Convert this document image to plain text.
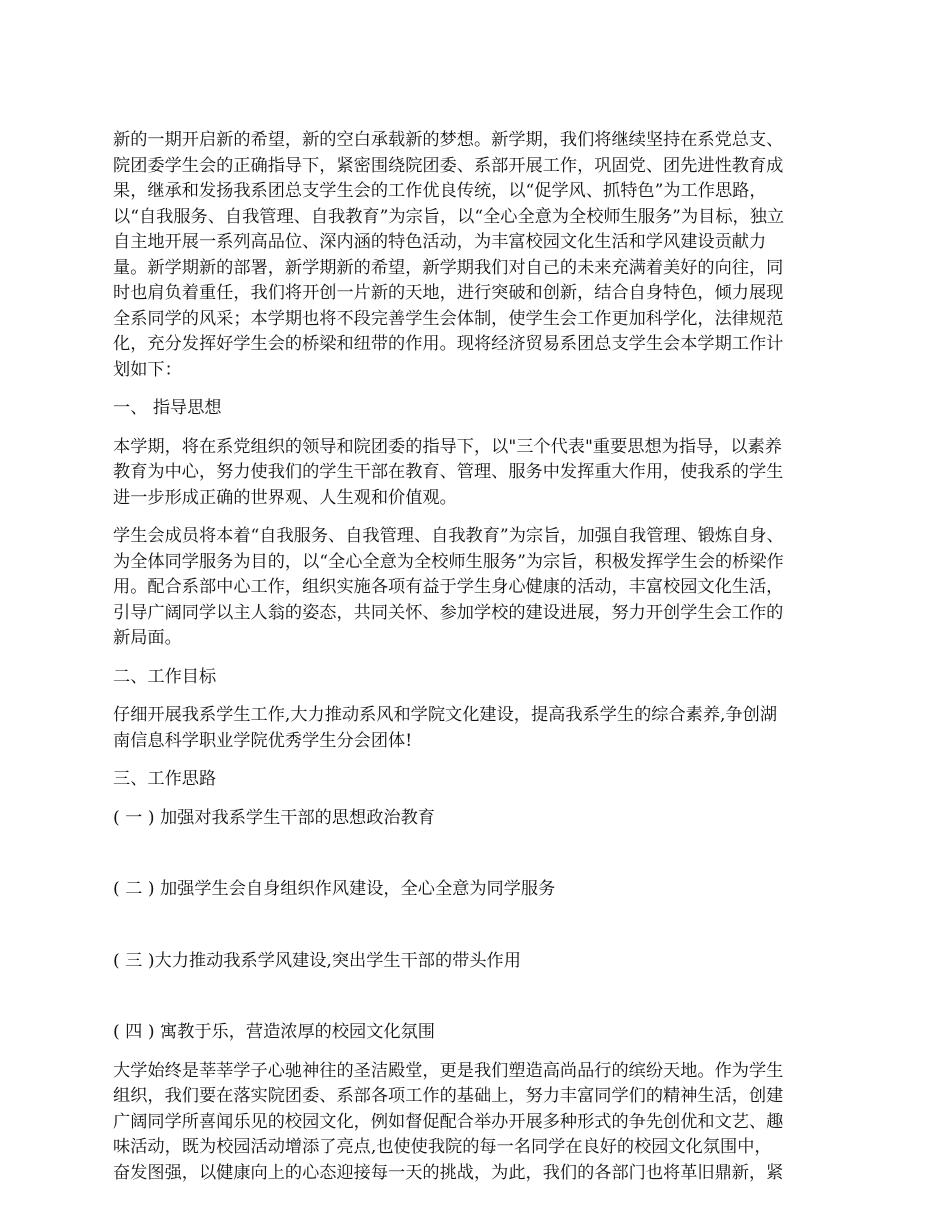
新的一期开启新的希望，新的空白承载新的梦想。新学期，我们将继续坚持在系党总支、
院团委学生会的正确指导下，紧密围绕院团委、系部开展工作，巩固党、团先进性教育成
果，继承和发扬我系团总支学生会的工作优良传统，以“促学风、抓特色”为工作思路，
以“自我服务、自我管理、自我教育”为宗旨，以“全心全意为全校师生服务”为目标，独立
自主地开展一系列高品位、深内涵的特色活动，为丰富校园文化生活和学风建设贡献力
量。新学期新的部署，新学期新的希望，新学期我们对自己的未来充满着美好的向往，同
时也肩负着重任，我们将开创一片新的天地，进行突破和创新，结合自身特色，倾力展现
全系同学的风采；本学期也将不段完善学生会体制，使学生会工作更加科学化，法律规范
化，充分发挥好学生会的桥梁和纽带的作用。现将经济贸易系团总支学生会本学期工作计
划如下：

一、 指导思想

本学期，将在系党组织的领导和院团委的指导下，以"三个代表"重要思想为指导，以素养
教育为中心，努力使我们的学生干部在教育、管理、服务中发挥重大作用，使我系的学生
进一步形成正确的世界观、人生观和价值观。

学生会成员将本着“自我服务、自我管理、自我教育”为宗旨，加强自我管理、锻炼自身、
为全体同学服务为目的，以“全心全意为全校师生服务”为宗旨，积极发挥学生会的桥梁作
用。配合系部中心工作，组织实施各项有益于学生身心健康的活动，丰富校园文化生活，
引导广阔同学以主人翁的姿态，共同关怀、参加学校的建设进展，努力开创学生会工作的
新局面。

二、工作目标

仔细开展我系学生工作,大力推动系风和学院文化建设，提高我系学生的综合素养,争创湖
南信息科学职业学院优秀学生分会团体!

三、工作思路

( 一 ) 加强对我系学生干部的思想政治教育

( 二 ) 加强学生会自身组织作风建设，全心全意为同学服务

( 三 )大力推动我系学风建设,突出学生干部的带头作用

( 四 ) 寓教于乐，营造浓厚的校园文化氛围

大学始终是莘莘学子心驰神往的圣洁殿堂，更是我们塑造高尚品行的缤纷天地。作为学生
组织，我们要在落实院团委、系部各项工作的基础上，努力丰富同学们的精神生活，创建
广阔同学所喜闻乐见的校园文化，例如督促配合举办开展多种形式的争先创优和文艺、趣
味活动，既为校园活动增添了亮点,也使使我院的每一名同学在良好的校园文化氛围中，
奋发图强，以健康向上的心态迎接每一天的挑战，为此，我们的各部门也将革旧鼎新，紧
